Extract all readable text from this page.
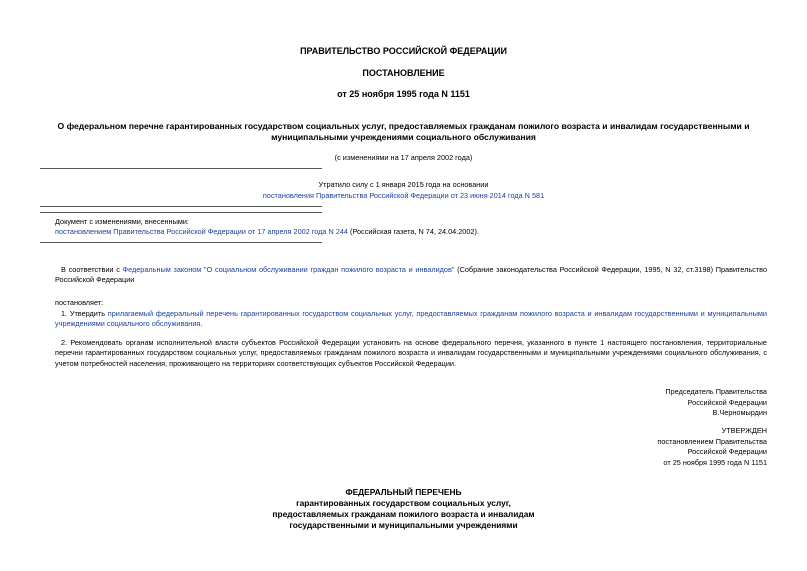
ПРАВИТЕЛЬСТВО РОССИЙСКОЙ ФЕДЕРАЦИИ
ПОСТАНОВЛЕНИЕ
от 25 ноября 1995 года N 1151
О федеральном перечне гарантированных государством социальных услуг, предоставляемых гражданам пожилого возраста и инвалидам государственными и
муниципальными учреждениями социального обслуживания
(с изменениями на 17 апреля 2002 года)
Утратило силу с 1 января 2015 года на основании
постановления Правительства Российской Федерации от 23 июня 2014 года N 581
Документ с изменениями, внесенными:
постановлением Правительства Российской Федерации от 17 апреля 2002 года N 244 (Российская газета, N 74, 24.04.2002).
В соответствии с Федеральным законом "О социальном обслуживании граждан пожилого возраста и инвалидов" (Собрание законодательства Российской Федерации, 1995, N 32, ст.3198) Правительство Российской Федерации
постановляет:
1. Утвердить прилагаемый федеральный перечень гарантированных государством социальных услуг, предоставляемых гражданам пожилого возраста и инвалидам государственными и муниципальными учреждениями социального обслуживания.
2. Рекомендовать органам исполнительной власти субъектов Российской Федерации установить на основе федерального перечня, указанного в пункте 1 настоящего постановления, территориальные перечни гарантированных государством социальных услуг, предоставляемых гражданам пожилого возраста и инвалидам государственными и муниципальными учреждениями социального обслуживания, с учетом потребностей населения, проживающего на территориях соответствующих субъектов Российской Федерации.
Председатель Правительства
Российской Федерации
В.Черномырдин
УТВЕРЖДЕН
постановлением Правительства
Российской Федерации
от 25 ноября 1995 года N 1151
ФЕДЕРАЛЬНЫЙ ПЕРЕЧЕНЬ
гарантированных государством социальных услуг,
предоставляемых гражданам пожилого возраста и инвалидам
государственными и муниципальными учреждениями
